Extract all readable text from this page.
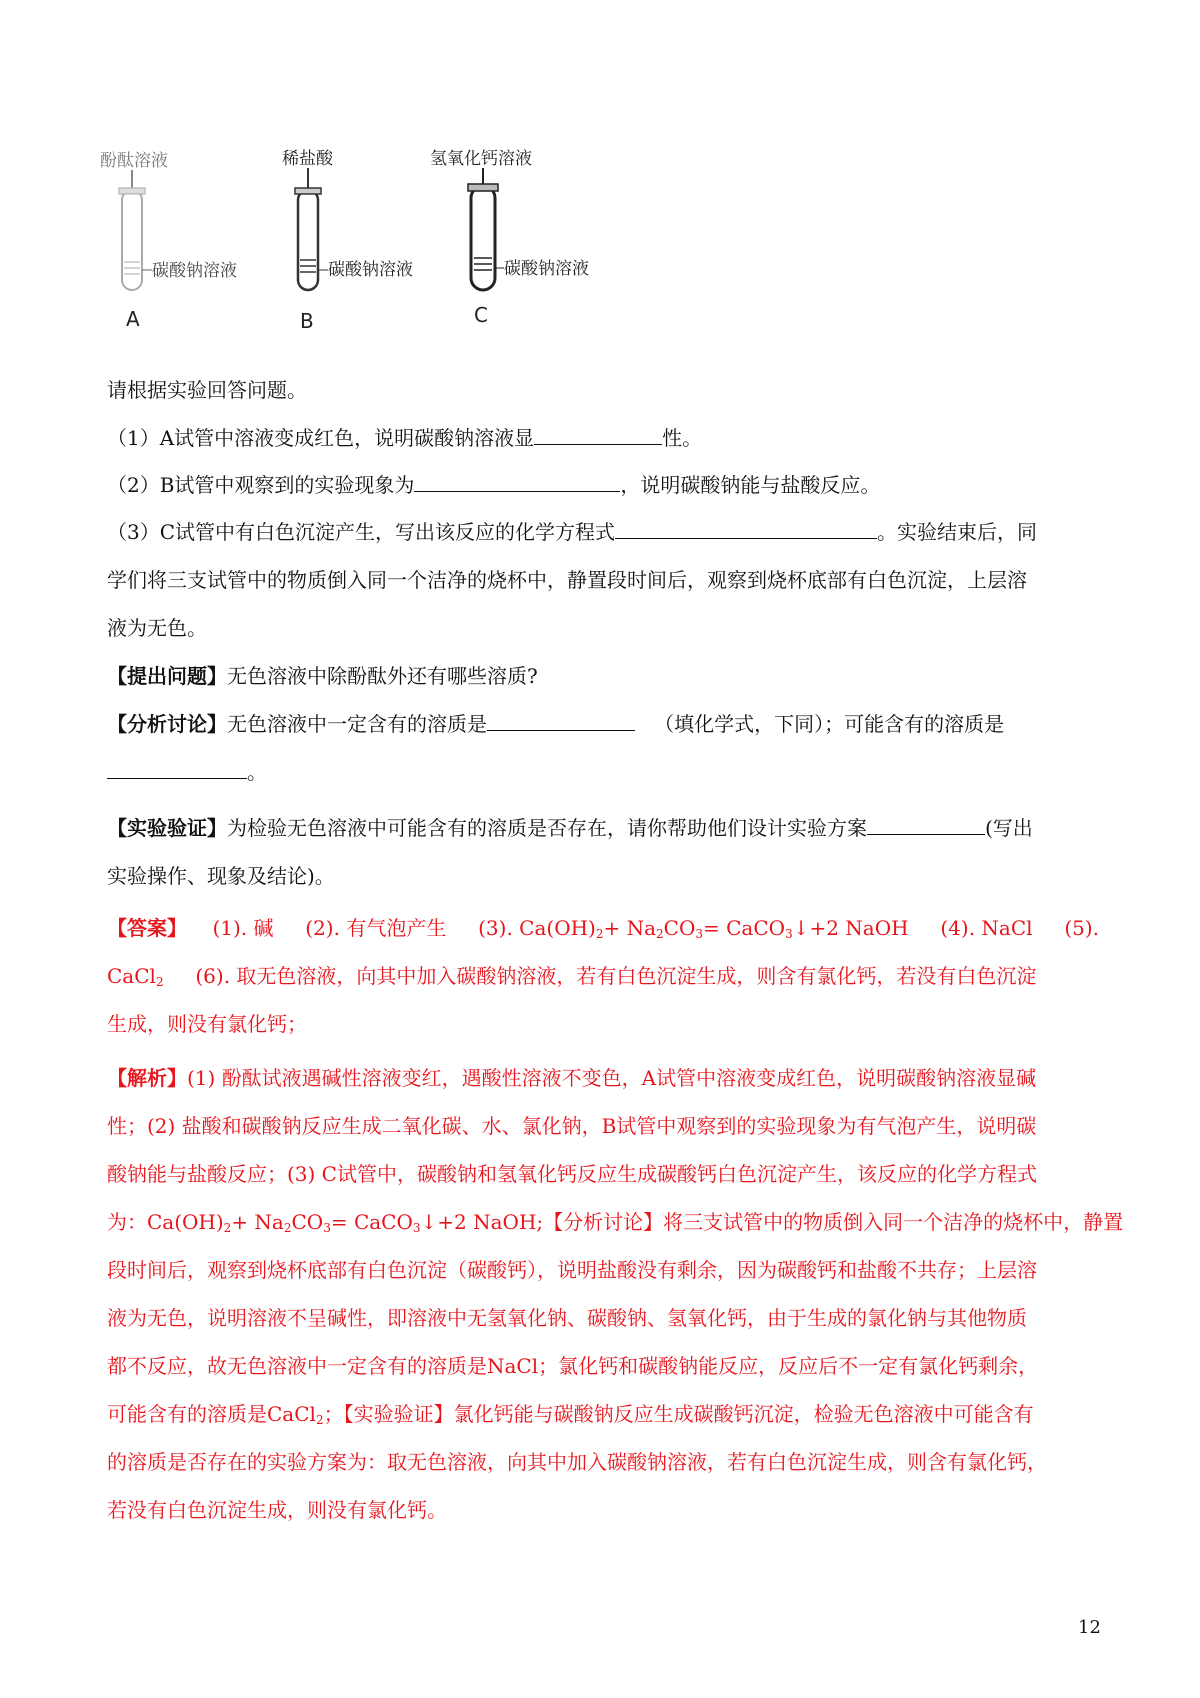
酚酞溶液
碳酸钠溶液
A
稀盐酸
碳酸钠溶液
B
氢氧化钙溶液
碳酸钠溶液
C
请根据实验回答问题。
（1）A试管中溶液变成红色，说明碳酸钠溶液显	性。
（2）B试管中观察到的实验现象为	，说明碳酸钠能与盐酸反应。
（3）C试管中有白色沉淀产生，写出该反应的化学方程式	。实验结束后，同
学们将三支试管中的物质倒入同一个洁净的烧杯中，静置段时间后，观察到烧杯底部有白色沉淀，上层溶
液为无色。
【提出问题】无色溶液中除酚酞外还有哪些溶质?
【分析讨论】无色溶液中一定含有的溶质是	（填化学式，下同）；可能含有的溶质是
。
【实验验证】为检验无色溶液中可能含有的溶质是否存在，请你帮助他们设计实验方案	(写出
实验操作、现象及结论)。
【答案】 (1). 碱 (2). 有气泡产生 (3). $Ca(OH)_2+ Na_2CO_3=$ CaCO$_3$↓+2 NaOH (4). NaCl (5).
CaCl$_2$ (6). 取无色溶液，向其中加入碳酸钠溶液，若有白色沉淀生成，则含有氯化钙，若没有白色沉淀
生成，则没有氯化钙；
【解析】(1) 酚酞试液遇碱性溶液变红，遇酸性溶液不变色，A试管中溶液变成红色，说明碳酸钠溶液显碱
性；(2) 盐酸和碳酸钠反应生成二氧化碳、水、氯化钠，B试管中观察到的实验现象为有气泡产生，说明碳
酸钠能与盐酸反应；(3) C试管中，碳酸钠和氢氧化钙反应生成碳酸钙白色沉淀产生，该反应的化学方程式
为：$Ca(OH)_2+ Na_2CO_3=$ CaCO$_3$↓+2 NaOH;【分析讨论】将三支试管中的物质倒入同一个洁净的烧杯中，静置
段时间后，观察到烧杯底部有白色沉淀（碳酸钙），说明盐酸没有剩余，因为碳酸钙和盐酸不共存；上层溶
液为无色，说明溶液不呈碱性，即溶液中无氢氧化钠、碳酸钠、氢氧化钙，由于生成的氯化钠与其他物质
都不反应，故无色溶液中一定含有的溶质是NaCl；氯化钙和碳酸钠能反应，反应后不一定有氯化钙剩余，
可能含有的溶质是CaCl$_2$；【实验验证】氯化钙能与碳酸钠反应生成碳酸钙沉淀，检验无色溶液中可能含有
的溶质是否存在的实验方案为：取无色溶液，向其中加入碳酸钠溶液，若有白色沉淀生成，则含有氯化钙，
若没有白色沉淀生成，则没有氯化钙。
12
